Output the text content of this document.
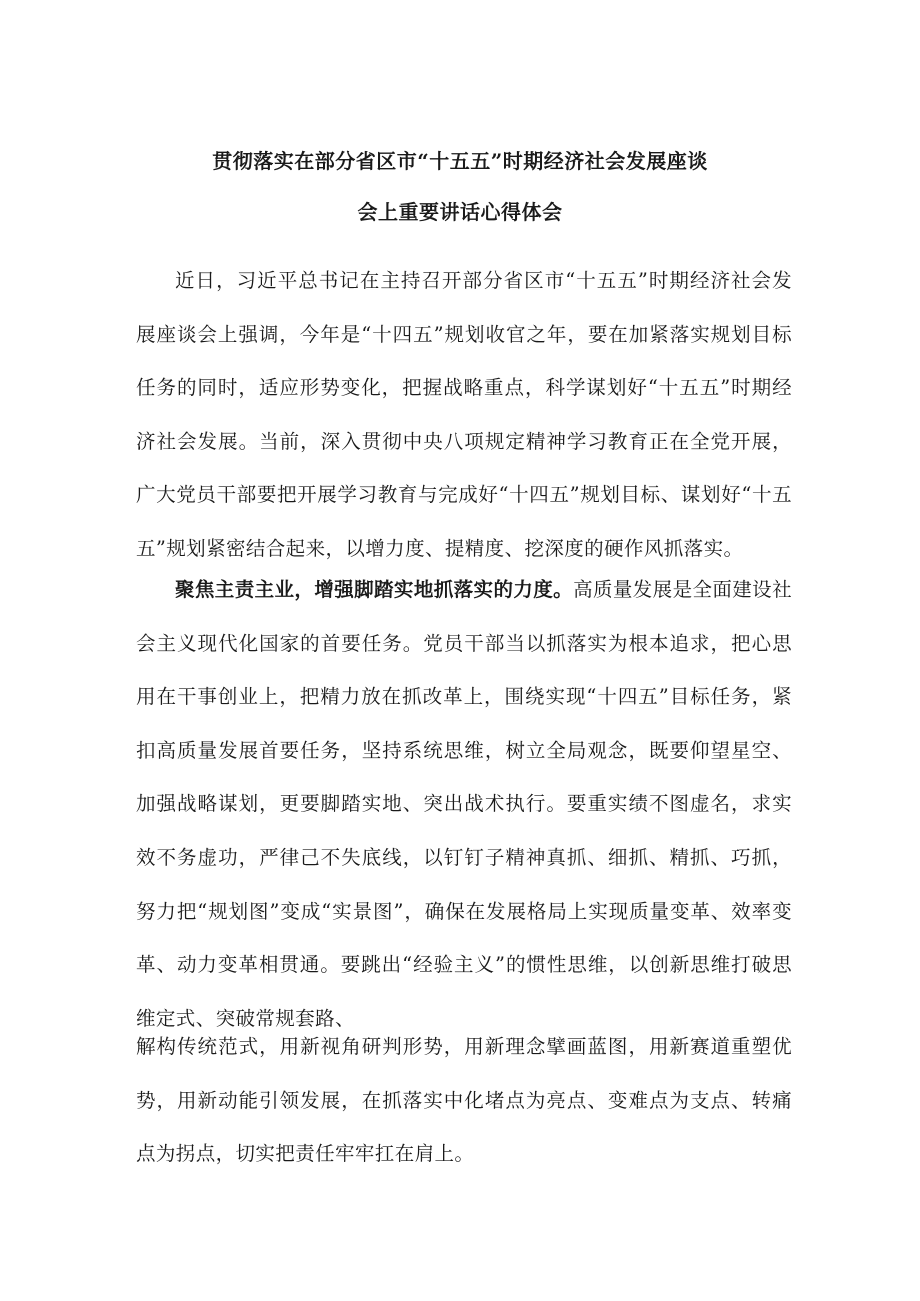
贯彻落实在部分省区市“十五五”时期经济社会发展座谈
会上重要讲话心得体会

近日，习近平总书记在主持召开部分省区市“十五五”时期经济社会发展座谈会上强调，今年是“十四五”规划收官之年，要在加紧落实规划目标任务的同时，适应形势变化，把握战略重点，科学谋划好“十五五”时期经济社会发展。当前，深入贯彻中央八项规定精神学习教育正在全党开展，广大党员干部要把开展学习教育与完成好“十四五”规划目标、谋划好“十五五”规划紧密结合起来，以增力度、提精度、挖深度的硬作风抓落实。

聚焦主责主业，增强脚踏实地抓落实的力度。高质量发展是全面建设社会主义现代化国家的首要任务。党员干部当以抓落实为根本追求，把心思用在干事创业上，把精力放在抓改革上，围绕实现“十四五”目标任务，紧扣高质量发展首要任务，坚持系统思维，树立全局观念，既要仰望星空、加强战略谋划，更要脚踏实地、突出战术执行。要重实绩不图虚名，求实效不务虚功，严律己不失底线，以钉钉子精神真抓、细抓、精抓、巧抓，努力把“规划图”变成“实景图”，确保在发展格局上实现质量变革、效率变革、动力变革相贯通。要跳出“经验主义”的惯性思维，以创新思维打破思维定式、突破常规套路、

解构传统范式，用新视角研判形势，用新理念擘画蓝图，用新赛道重塑优势，用新动能引领发展，在抓落实中化堵点为亮点、变难点为支点、转痛点为拐点，切实把责任牢牢扛在肩上。
